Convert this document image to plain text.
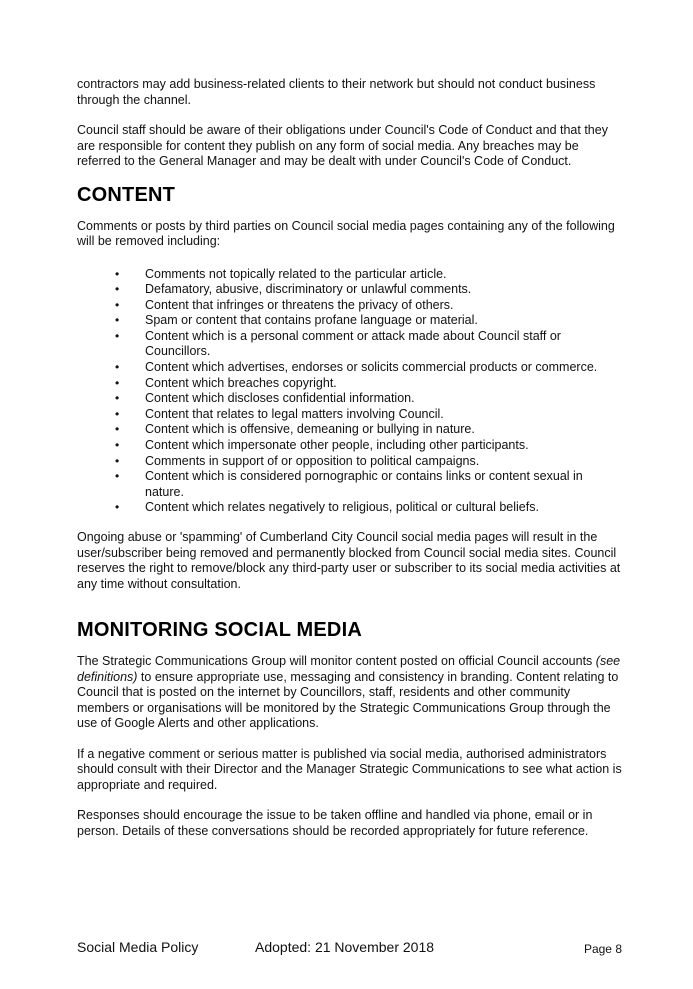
contractors may add business-related clients to their network but should not conduct business through the channel.

Council staff should be aware of their obligations under Council's Code of Conduct and that they are responsible for content they publish on any form of social media. Any breaches may be referred to the General Manager and may be dealt with under Council's Code of Conduct.

CONTENT

Comments or posts by third parties on Council social media pages containing any of the following will be removed including:

•	Comments not topically related to the particular article.
•	Defamatory, abusive, discriminatory or unlawful comments.
•	Content that infringes or threatens the privacy of others.
•	Spam or content that contains profane language or material.
•	Content which is a personal comment or attack made about Council staff or Councillors.
•	Content which advertises, endorses or solicits commercial products or commerce.
•	Content which breaches copyright.
•	Content which discloses confidential information.
•	Content that relates to legal matters involving Council.
•	Content which is offensive, demeaning or bullying in nature.
•	Content which impersonate other people, including other participants.
•	Comments in support of or opposition to political campaigns.
•	Content which is considered pornographic or contains links or content sexual in nature.
•	Content which relates negatively to religious, political or cultural beliefs.

Ongoing abuse or 'spamming' of Cumberland City Council social media pages will result in the user/subscriber being removed and permanently blocked from Council social media sites. Council reserves the right to remove/block any third-party user or subscriber to its social media activities at any time without consultation.

MONITORING SOCIAL MEDIA

The Strategic Communications Group will monitor content posted on official Council accounts (see definitions) to ensure appropriate use, messaging and consistency in branding. Content relating to Council that is posted on the internet by Councillors, staff, residents and other community members or organisations will be monitored by the Strategic Communications Group through the use of Google Alerts and other applications.

If a negative comment or serious matter is published via social media, authorised administrators should consult with their Director and the Manager Strategic Communications to see what action is appropriate and required.

Responses should encourage the issue to be taken offline and handled via phone, email or in person. Details of these conversations should be recorded appropriately for future reference.

Social Media Policy	Adopted: 21 November 2018	Page 8
